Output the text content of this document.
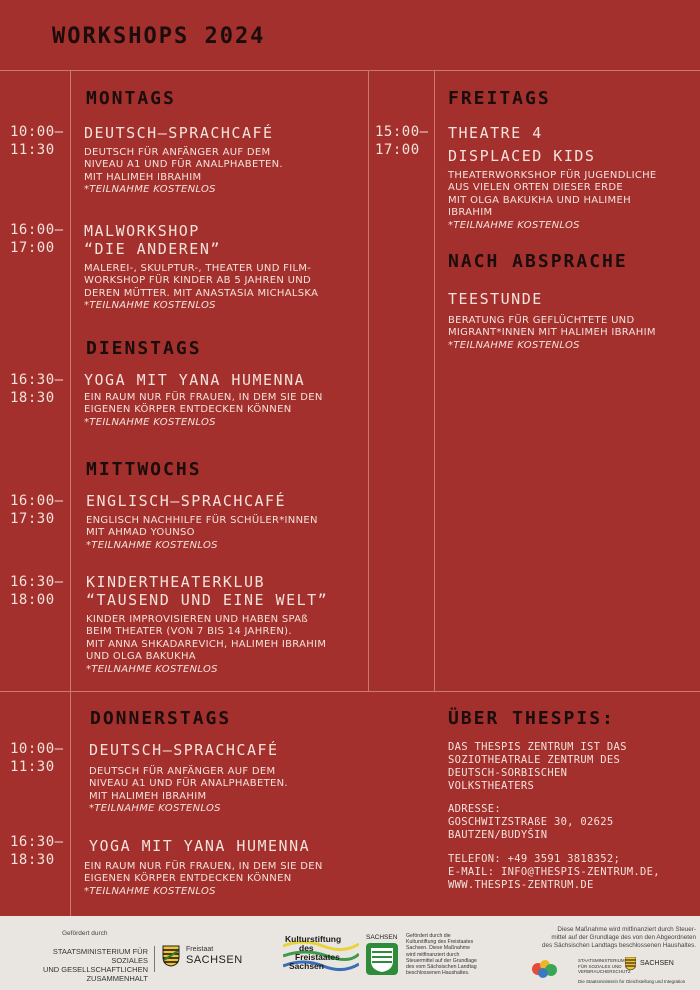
WORKSHOPS 2024
MONTAGS
10:00–
11:30
DEUTSCH–SPRACHCAFÉ
DEUTSCH FÜR ANFÄNGER AUF DEM
NIVEAU A1 UND FÜR ANALPHABETEN.
MIT HALIMEH IBRAHIM
*TEILNAHME KOSTENLOS
16:00–
17:00
MALWORKSHOP
“DIE ANDEREN”
MALEREI-, SKULPTUR-, THEATER UND FILM-
WORKSHOP FÜR KINDER AB 5 JAHREN UND
DEREN MÜTTER. MIT ANASTASIA MICHALSKA
*TEILNAHME KOSTENLOS
DIENSTAGS
16:30–
18:30
YOGA MIT YANA HUMENNA
EIN RAUM NUR FÜR FRAUEN, IN DEM SIE DEN
EIGENEN KÖRPER ENTDECKEN KÖNNEN
*TEILNAHME KOSTENLOS
MITTWOCHS
16:00–
17:30
ENGLISCH–SPRACHCAFÉ
ENGLISCH NACHHILFE FÜR SCHÜLER*INNEN
MIT AHMAD YOUNSO
*TEILNAHME KOSTENLOS
16:30–
18:00
KINDERTHEATERKLUB
“TAUSEND UND EINE WELT”
KINDER IMPROVISIEREN UND HABEN SPAß
BEIM THEATER (VON 7 BIS 14 JAHREN).
MIT ANNA SHKADAREVICH, HALIMEH IBRAHIM
UND OLGA BAKUKHA
*TEILNAHME KOSTENLOS
DONNERSTAGS
10:00–
11:30
DEUTSCH–SPRACHCAFÉ
DEUTSCH FÜR ANFÄNGER AUF DEM
NIVEAU A1 UND FÜR ANALPHABETEN.
MIT HALIMEH IBRAHIM
*TEILNAHME KOSTENLOS
16:30–
18:30
YOGA MIT YANA HUMENNA
EIN RAUM NUR FÜR FRAUEN, IN DEM SIE DEN
EIGENEN KÖRPER ENTDECKEN KÖNNEN
*TEILNAHME KOSTENLOS
FREITAGS
15:00–
17:00
THEATRE 4
DISPLACED KIDS
THEATERWORKSHOP FÜR JUGENDLICHE
AUS VIELEN ORTEN DIESER ERDE
MIT OLGA BAKUKHA UND HALIMEH
IBRAHIM
*TEILNAHME KOSTENLOS
NACH ABSPRACHE
TEESTUNDE
BERATUNG FÜR GEFLÜCHTETE UND
MIGRANT*INNEN MIT HALIMEH IBRAHIM
*TEILNAHME KOSTENLOS
ÜBER THESPIS:
DAS THESPIS ZENTRUM IST DAS
SOZIOTHEATRALE ZENTRUM DES
DEUTSCH-SORBISCHEN
VOLKSTHEATERS
ADRESSE:
GOSCHWITZSTRAßE 30, 02625
BAUTZEN/BUDYŠIN
TELEFON: +49 3591 3818352;
E-MAIL: INFO@THESPIS-ZENTRUM.DE,
WWW.THESPIS-ZENTRUM.DE
Gefördert durch
STAATSMINISTERIUM FÜR SOZIALES
UND GESELLSCHAFTLICHEN
ZUSAMMENHALT
Freistaat
SACHSEN
Kulturstiftung
des
Freistaates
Sachsen
SACHSEN Gefördert durch die
Kulturstiftung des Freistaates
Sachsen. Diese Maßnahme
wird mitfinanziert durch
Steuermittel auf der Grundlage
des vom Sächsischen Landtag
beschlossenen Haushaltes.
Diese Maßnahme wird mitfinanziert durch Steuer-
mittel auf der Grundlage des von den Abgeordneten
des Sächsischen Landtags beschlossenen Haushaltes.
STAATSMINISTERIUM
FÜR SOZIALES UND
VERBRAUCHERSCHUTZ
SACHSEN
Die Staatsministerin für Gleichstellung und Integration
